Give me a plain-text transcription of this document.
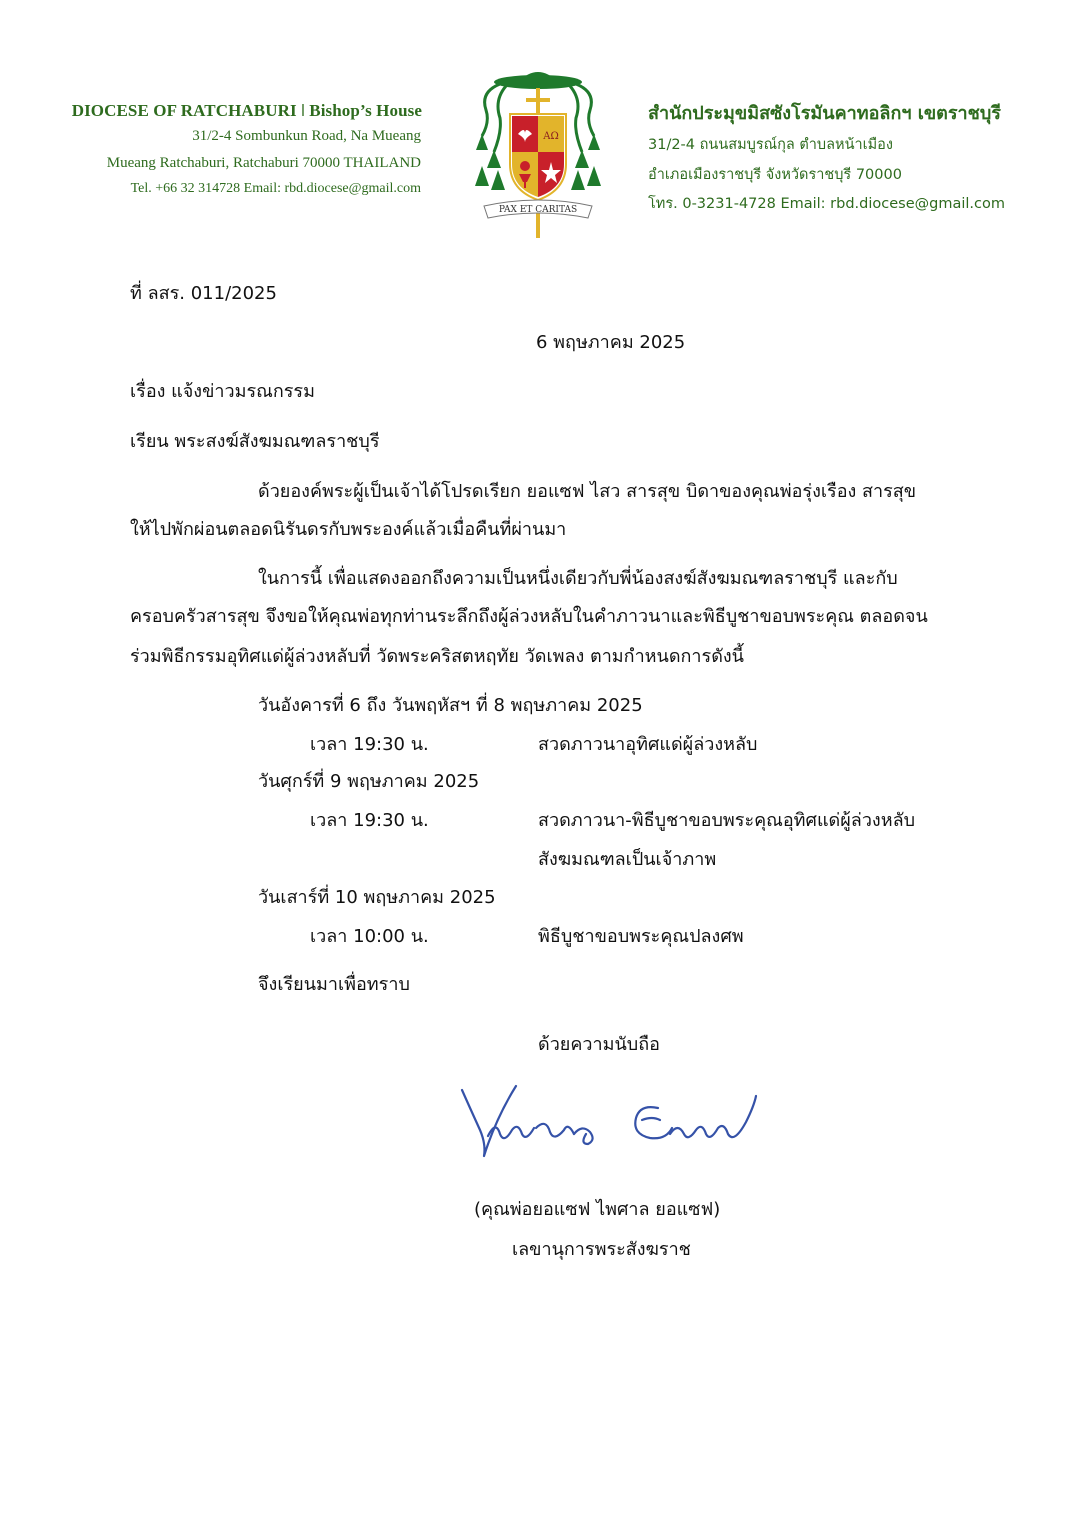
DIOCESE OF RATCHABURI ǀ Bishop’s House
31/2-4 Sombunkun Road, Na Mueang
Mueang Ratchaburi, Ratchaburi 70000 THAILAND
Tel. +66 32 314728 Email: rbd.diocese@gmail.com
AΩ
PAX ET CARITAS
สำนักประมุขมิสซังโรมันคาทอลิกฯ เขตราชบุรี
31/2-4 ถนนสมบูรณ์กุล ตำบลหน้าเมือง
อำเภอเมืองราชบุรี จังหวัดราชบุรี 70000
โทร. 0-3231-4728 Email: rbd.diocese@gmail.com
ที่ ลสร. 011/2025
6 พฤษภาคม 2025
เรื่อง แจ้งข่าวมรณกรรม
เรียน พระสงฆ์สังฆมณฑลราชบุรี
ด้วยองค์พระผู้เป็นเจ้าได้โปรดเรียก ยอแซฟ ไสว สารสุข บิดาของคุณพ่อรุ่งเรือง สารสุข
ให้ไปพักผ่อนตลอดนิรันดรกับพระองค์แล้วเมื่อคืนที่ผ่านมา
ในการนี้ เพื่อแสดงออกถึงความเป็นหนึ่งเดียวกับพี่น้องสงฆ์สังฆมณฑลราชบุรี และกับ
ครอบครัวสารสุข จึงขอให้คุณพ่อทุกท่านระลึกถึงผู้ล่วงหลับในคำภาวนาและพิธีบูชาขอบพระคุณ ตลอดจน
ร่วมพิธีกรรมอุทิศแด่ผู้ล่วงหลับที่ วัดพระคริสตหฤทัย วัดเพลง ตามกำหนดการดังนี้
วันอังคารที่ 6 ถึง วันพฤหัสฯ ที่ 8 พฤษภาคม 2025
เวลา 19:30 น.	สวดภาวนาอุทิศแด่ผู้ล่วงหลับ
วันศุกร์ที่ 9 พฤษภาคม 2025
เวลา 19:30 น.	สวดภาวนา-พิธีบูชาขอบพระคุณอุทิศแด่ผู้ล่วงหลับ
สังฆมณฑลเป็นเจ้าภาพ
วันเสาร์ที่ 10 พฤษภาคม 2025
เวลา 10:00 น.	พิธีบูชาขอบพระคุณปลงศพ
จึงเรียนมาเพื่อทราบ
ด้วยความนับถือ
(คุณพ่อยอแซฟ ไพศาล ยอแซฟ)
เลขานุการพระสังฆราช
